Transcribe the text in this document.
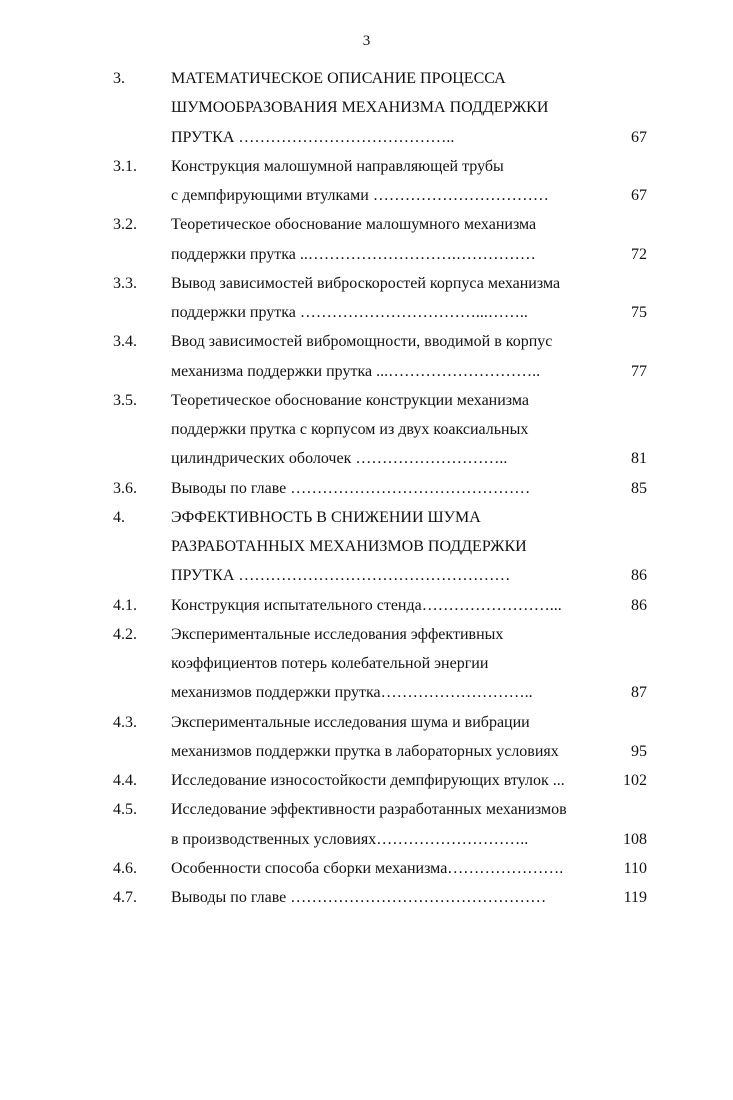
3
3.	МАТЕМАТИЧЕСКОЕ ОПИСАНИЕ ПРОЦЕССА
ШУМООБРАЗОВАНИЯ МЕХАНИЗМА ПОДДЕРЖКИ
ПРУТКА …………………………………..	67
3.1. Конструкция малошумной направляющей трубы
с демпфирующими втулками ……………………………	67
3.2. Теоретическое обоснование малошумного механизма
поддержки прутка ..……………………….……………	72
3.3. Вывод зависимостей виброскоростей корпуса механизма
поддержки прутка ……………………………...……..	75
3.4. Ввод зависимостей вибромощности, вводимой в корпус
механизма поддержки прутка ...………………………..	77
3.5. Теоретическое обоснование конструкции механизма
поддержки прутка с корпусом из двух коаксиальных
цилиндрических оболочек ………………………..	81
3.6. Выводы по главе ………………………………………	85
4.	ЭФФЕКТИВНОСТЬ В СНИЖЕНИИ ШУМА
РАЗРАБОТАННЫХ МЕХАНИЗМОВ ПОДДЕРЖКИ
ПРУТКА ……………………………………………	86
4.1. Конструкция испытательного стенда……………………...	86
4.2. Экспериментальные исследования эффективных
коэффициентов потерь колебательной энергии
механизмов поддержки прутка………………………..	87
4.3. Экспериментальные исследования шума и вибрации
механизмов поддержки прутка в лабораторных условиях	95
4.4. Исследование износостойкости демпфирующих втулок ...	102
4.5. Исследование эффективности разработанных механизмов
в производственных условиях………………………..	108
4.6. Особенности способа сборки механизма………………….	110
4.7. Выводы по главе …………………………………………	119
